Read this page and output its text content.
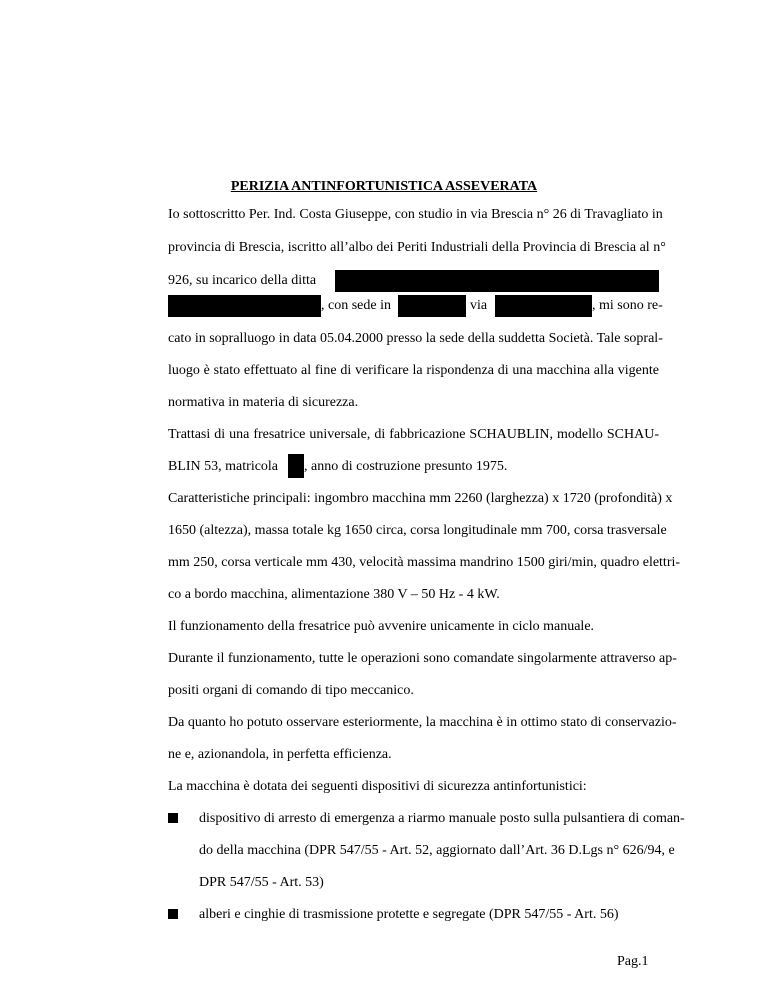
PERIZIA ANTINFORTUNISTICA ASSEVERATA
Io sottoscritto Per. Ind. Costa Giuseppe, con studio in via Brescia n° 26 di Travagliato in
provincia di Brescia, iscritto all’albo dei Periti Industriali della Provincia di Brescia al n°
926, su incarico della ditta
, con sede in	via	, mi sono re-
cato in sopralluogo in data 05.04.2000 presso la sede della suddetta Società. Tale sopral-
luogo è stato effettuato al fine di verificare la rispondenza di una macchina alla vigente
normativa in materia di sicurezza.
Trattasi di una fresatrice universale, di fabbricazione SCHAUBLIN, modello SCHAU-
BLIN 53, matricola , anno di costruzione presunto 1975.
Caratteristiche principali: ingombro macchina mm 2260 (larghezza) x 1720 (profondità) x
1650 (altezza), massa totale kg 1650 circa, corsa longitudinale mm 700, corsa trasversale
mm 250, corsa verticale mm 430, velocità massima mandrino 1500 giri/min, quadro elettri-
co a bordo macchina, alimentazione 380 V – 50 Hz - 4 kW.
Il funzionamento della fresatrice può avvenire unicamente in ciclo manuale.
Durante il funzionamento, tutte le operazioni sono comandate singolarmente attraverso ap-
positi organi di comando di tipo meccanico.
Da quanto ho potuto osservare esteriormente, la macchina è in ottimo stato di conservazio-
ne e, azionandola, in perfetta efficienza.
La macchina è dotata dei seguenti dispositivi di sicurezza antinfortunistici:
dispositivo di arresto di emergenza a riarmo manuale posto sulla pulsantiera di coman-
do della macchina (DPR 547/55 - Art. 52, aggiornato dall’Art. 36 D.Lgs n° 626/94, e
DPR 547/55 - Art. 53)
alberi e cinghie di trasmissione protette e segregate (DPR 547/55 - Art. 56)
Pag.1
